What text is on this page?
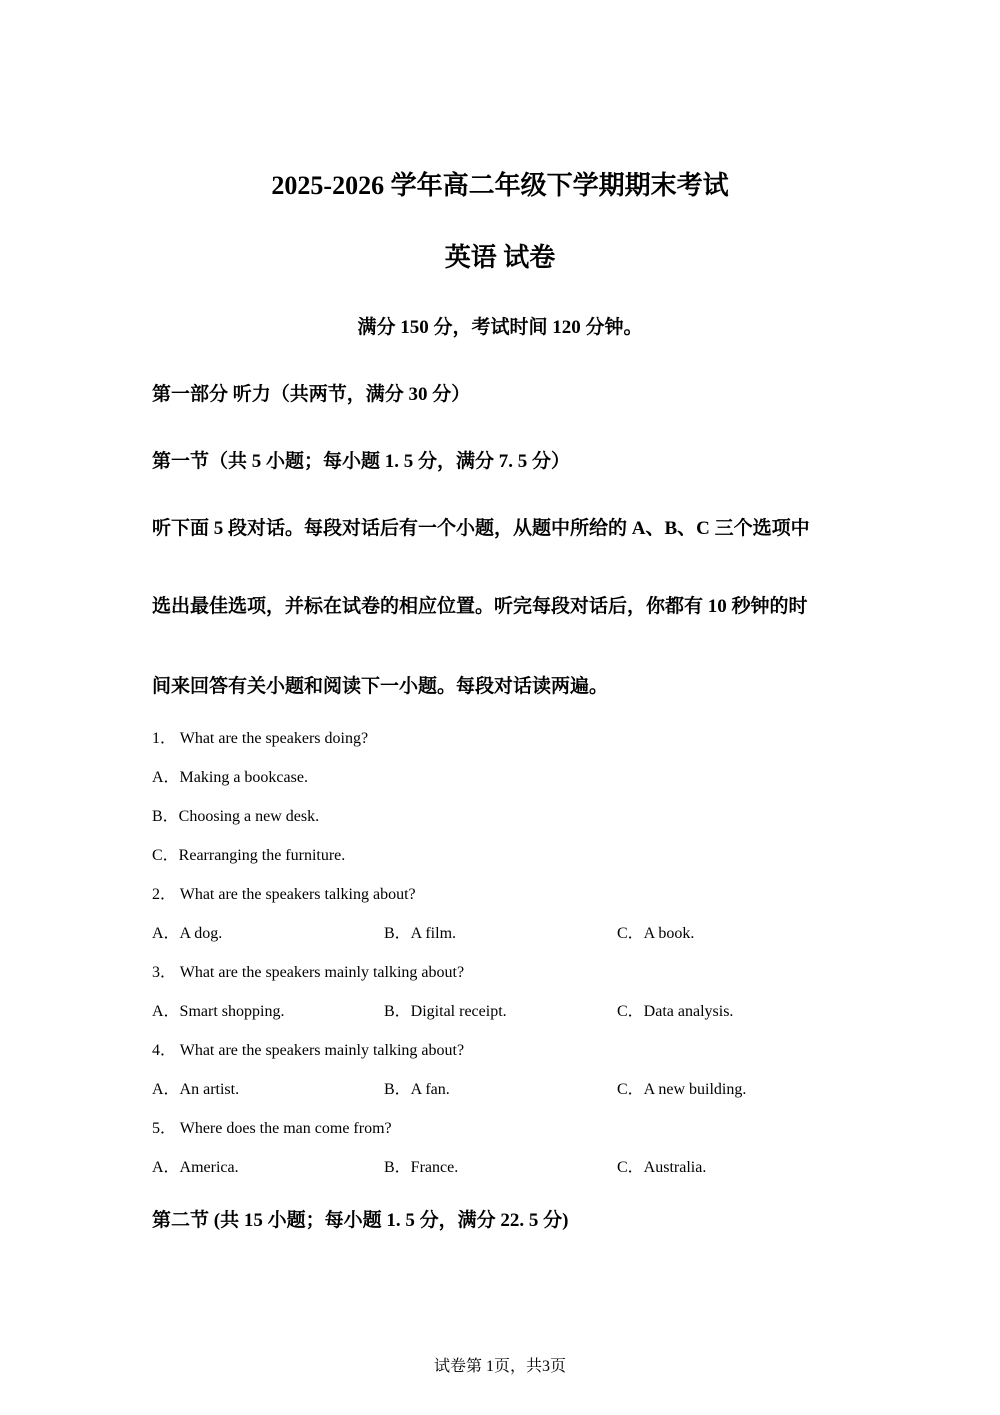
2025-2026 学年高二年级下学期期末考试
英语 试卷
满分 150 分，考试时间 120 分钟。
第一部分 听力（共两节，满分 30 分）
第一节（共 5 小题；每小题 1. 5 分，满分 7. 5 分）
听下面 5 段对话。每段对话后有一个小题，从题中所给的 A、B、C 三个选项中
选出最佳选项，并标在试卷的相应位置。听完每段对话后，你都有 10 秒钟的时
间来回答有关小题和阅读下一小题。每段对话读两遍。
1． What are the speakers doing?
A．Making a bookcase.
B．Choosing a new desk.
C．Rearranging the furniture.
2． What are the speakers talking about?
A．A dog.	B．A film.	C．A book.
3． What are the speakers mainly talking about?
A．Smart shopping.	B．Digital receipt.	C．Data analysis.
4． What are the speakers mainly talking about?
A．An artist.	B．A fan.	C．A new building.
5． Where does the man come from?
A．America.	B．France.	C．Australia.
第二节 (共 15 小题；每小题 1. 5 分，满分 22. 5 分)
试卷第 1页，共3页
